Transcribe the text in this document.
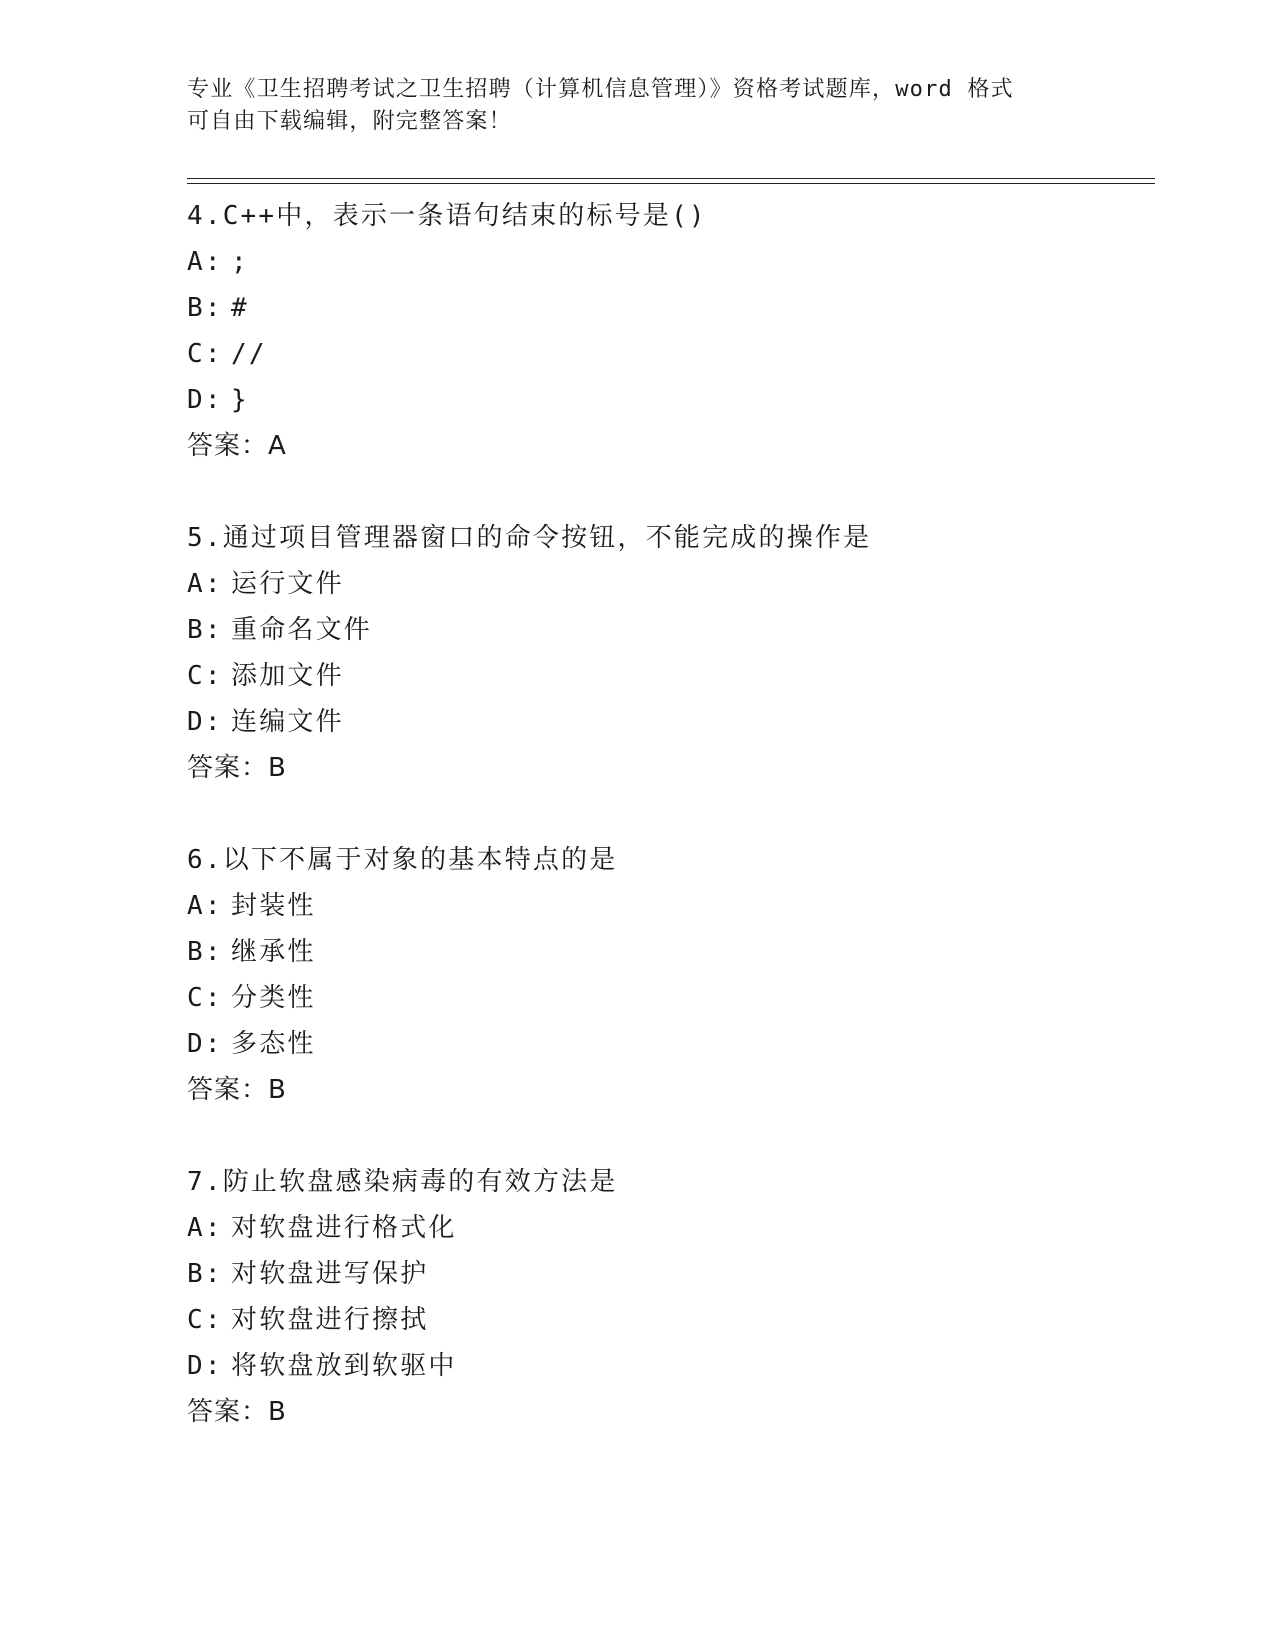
专业《卫生招聘考试之卫生招聘（计算机信息管理）》资格考试题库，word 格式
可自由下载编辑，附完整答案！
4.C++中，表示一条语句结束的标号是()
A: ;
B: #
C: //
D: }
答案：A
5.通过项目管理器窗口的命令按钮，不能完成的操作是
A: 运行文件
B: 重命名文件
C: 添加文件
D: 连编文件
答案：B
6.以下不属于对象的基本特点的是
A: 封装性
B: 继承性
C: 分类性
D: 多态性
答案：B
7.防止软盘感染病毒的有效方法是
A: 对软盘进行格式化
B: 对软盘进写保护
C: 对软盘进行擦拭
D: 将软盘放到软驱中
答案：B
